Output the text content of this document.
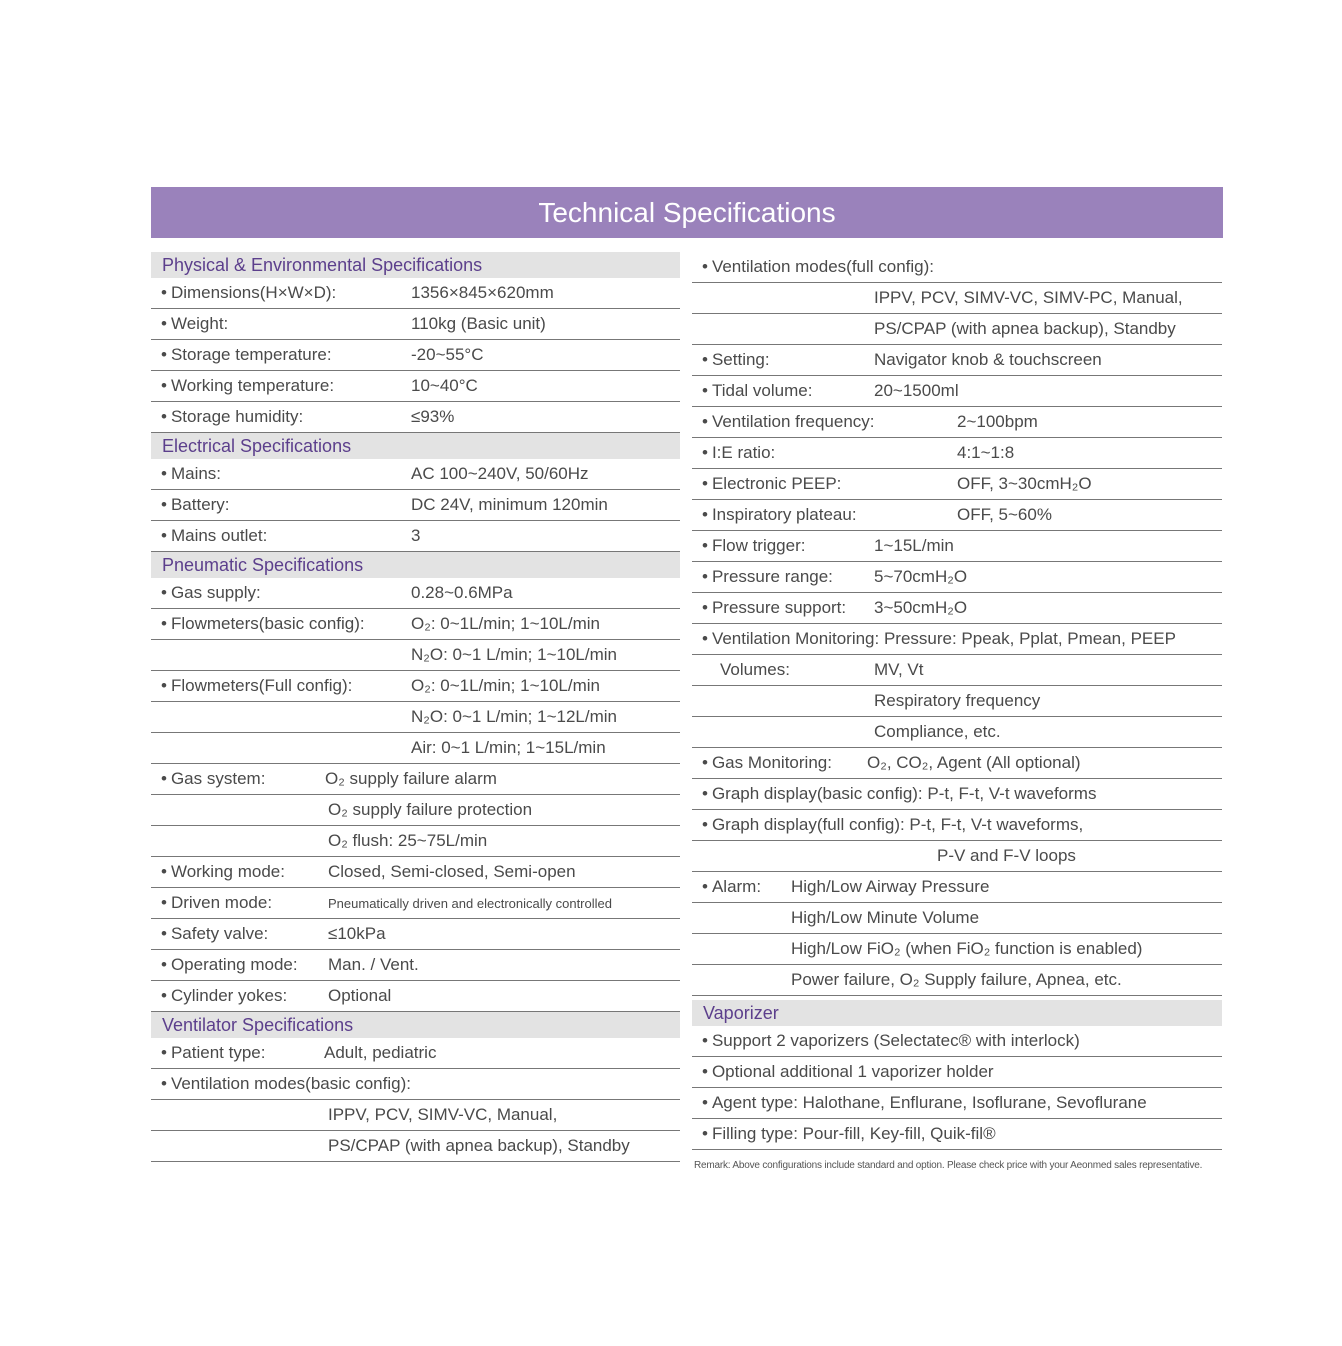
Technical Specifications
Physical & Environmental Specifications
• Dimensions(H×W×D):	1356×845×620mm
• Weight:	110kg (Basic unit)
• Storage temperature:	-20~55°C
• Working temperature:	10~40°C
• Storage humidity:	≤93%
Electrical Specifications
• Mains:	AC 100~240V, 50/60Hz
• Battery:	DC 24V, minimum 120min
• Mains outlet:	3
Pneumatic Specifications
• Gas supply:	0.28~0.6MPa
• Flowmeters(basic config):	O₂: 0~1L/min; 1~10L/min
N₂O: 0~1 L/min; 1~10L/min
• Flowmeters(Full config):	O₂: 0~1L/min; 1~10L/min
N₂O: 0~1 L/min; 1~12L/min
Air: 0~1 L/min; 1~15L/min
• Gas system:	O₂ supply failure alarm
O₂ supply failure protection
O₂ flush: 25~75L/min
• Working mode:	Closed, Semi-closed, Semi-open
• Driven mode:	Pneumatically driven and electronically controlled
• Safety valve:	≤10kPa
• Operating mode: Man. / Vent.
• Cylinder yokes: Optional
Ventilator Specifications
• Patient type:	Adult, pediatric
• Ventilation modes(basic config):
IPPV, PCV, SIMV-VC, Manual,
PS/CPAP (with apnea backup), Standby
• Ventilation modes(full config):
IPPV, PCV, SIMV-VC, SIMV-PC, Manual,
PS/CPAP (with apnea backup), Standby
• Setting:	Navigator knob & touchscreen
• Tidal volume:	20~1500ml
• Ventilation frequency:	2~100bpm
• I:E ratio:	4:1~1:8
• Electronic PEEP:	OFF, 3~30cmH₂O
• Inspiratory plateau:	OFF, 5~60%
• Flow trigger:	1~15L/min
• Pressure range: 5~70cmH₂O
• Pressure support: 3~50cmH₂O
• Ventilation Monitoring: Pressure: Ppeak, Pplat, Pmean, PEEP
Volumes:	MV, Vt
Respiratory frequency
Compliance, etc.
• Gas Monitoring: O₂, CO₂, Agent (All optional)
• Graph display(basic config): P-t, F-t, V-t waveforms
• Graph display(full config): P-t, F-t, V-t waveforms,
P-V and F-V loops
• Alarm: High/Low Airway Pressure
High/Low Minute Volume
High/Low FiO₂ (when FiO₂ function is enabled)
Power failure, O₂ Supply failure, Apnea, etc.
Vaporizer
• Support 2 vaporizers (Selectatec® with interlock)
• Optional additional 1 vaporizer holder
• Agent type: Halothane, Enflurane, Isoflurane, Sevoflurane
• Filling type: Pour-fill, Key-fill, Quik-fil®
Remark: Above configurations include standard and option. Please check price with your Aeonmed sales representative.
